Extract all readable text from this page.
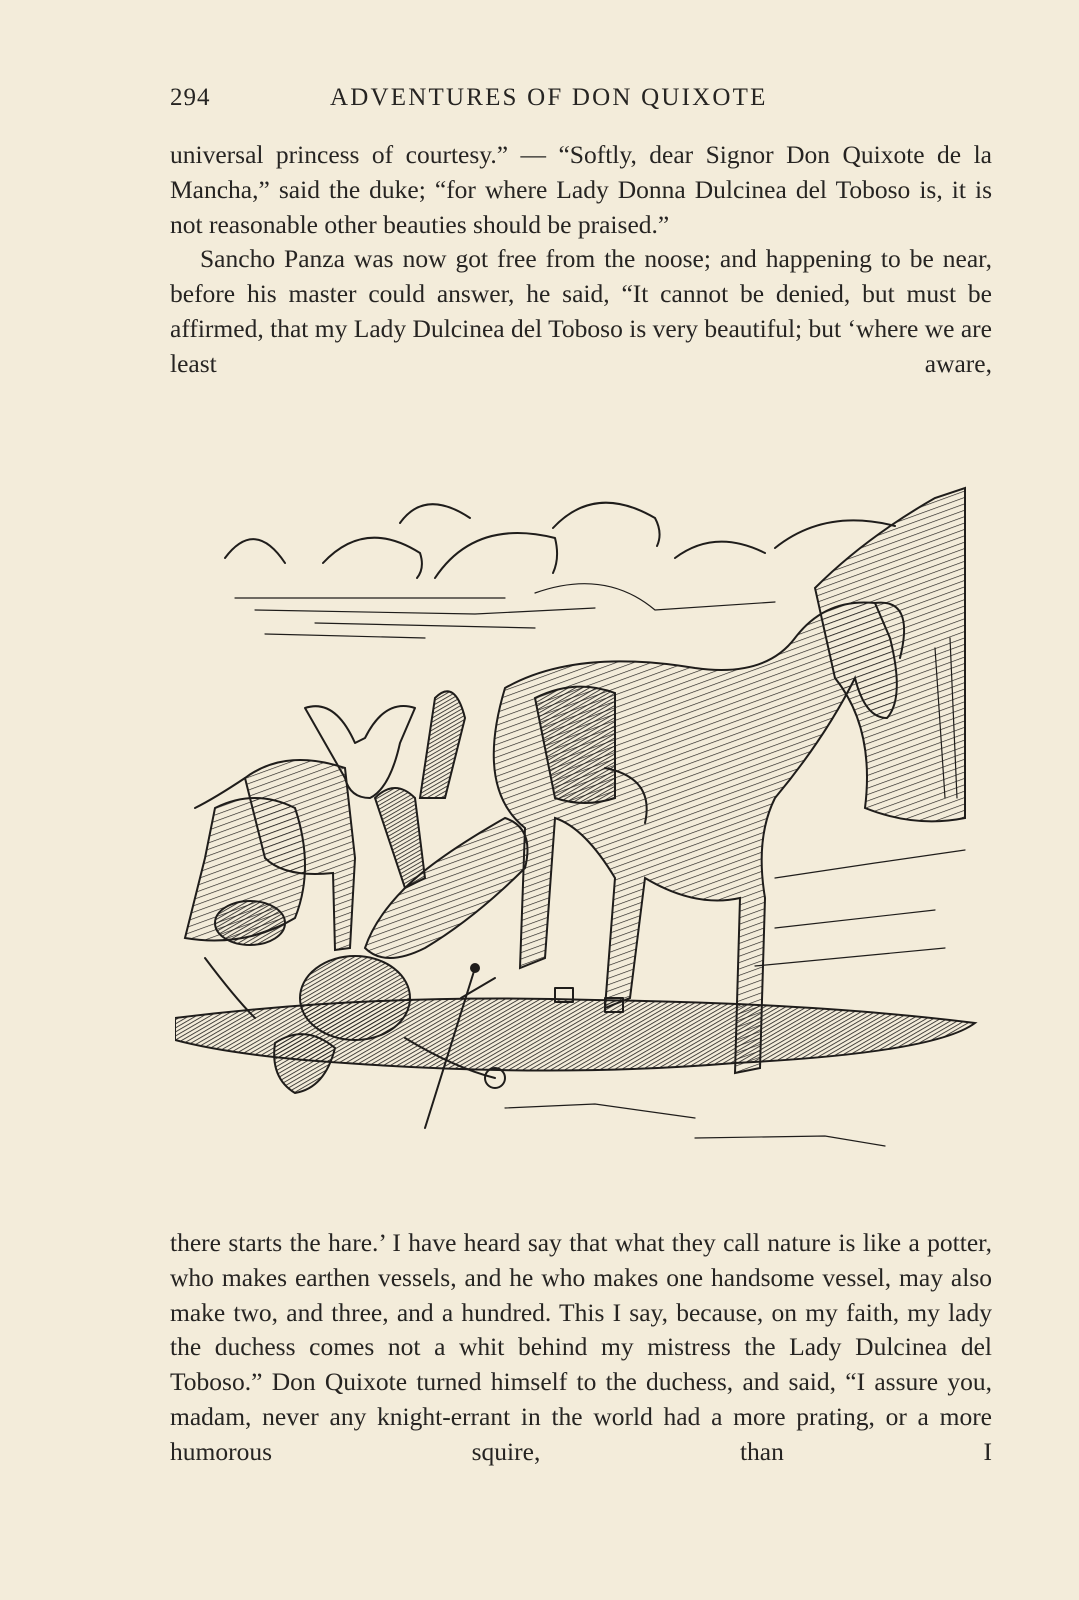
294	ADVENTURES OF DON QUIXOTE

universal princess of courtesy.” — “Softly, dear Signor Don Quixote de la Mancha,” said the duke; “for where Lady Donna Dulcinea del Toboso is, it is not reasonable other beauties should be praised.”

Sancho Panza was now got free from the noose; and happening to be near, before his master could answer, he said, “It cannot be denied, but must be affirmed, that my Lady Dulcinea del Toboso is very beautiful; but ‘where we are least aware,

there starts the hare.’ I have heard say that what they call nature is like a potter, who makes earthen vessels, and he who makes one handsome vessel, may also make two, and three, and a hundred. This I say, because, on my faith, my lady the duchess comes not a whit behind my mistress the Lady Dulcinea del Toboso.” Don Quixote turned himself to the duchess, and said, “I assure you, madam, never any knight-errant in the world had a more prating, or a more humorous squire, than I
